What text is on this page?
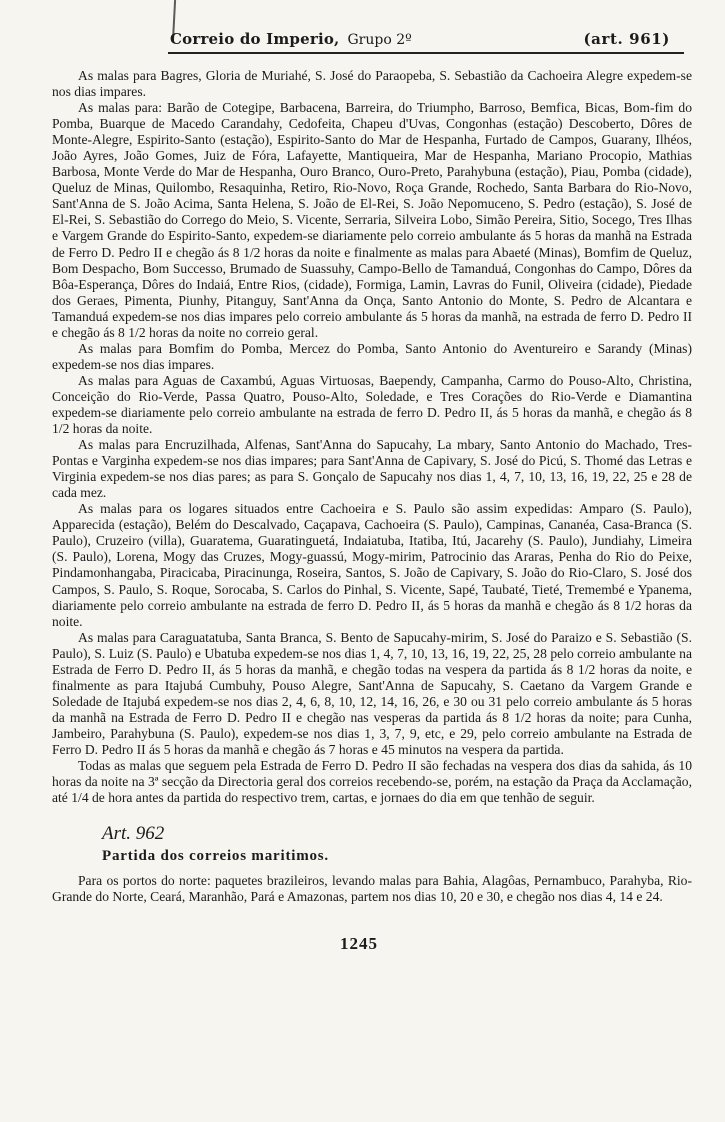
Correio do Imperio, Grupo 2º	(art. 961)

As malas para Bagres, Gloria de Muriahé, S. José do Paraopeba, S. Sebastião da Cachoeira Alegre expedem-se nos dias impares.

As malas para: Barão de Cotegipe, Barbacena, Barreira, do Triumpho, Barroso, Bemfica, Bicas, Bom-fim do Pomba, Buarque de Macedo Carandahy, Cedofeita, Chapeu d'Uvas, Congonhas (estação) Descoberto, Dôres de Monte-Alegre, Espirito-Santo (estação), Espirito-Santo do Mar de Hespanha, Furtado de Campos, Guarany, Ilhéos, João Ayres, João Gomes, Juiz de Fóra, Lafayette, Mantiqueira, Mar de Hespanha, Mariano Procopio, Mathias Barbosa, Monte Verde do Mar de Hespanha, Ouro Branco, Ouro-Preto, Parahybuna (estação), Piau, Pomba (cidade), Queluz de Minas, Quilombo, Resaquinha, Retiro, Rio-Novo, Roça Grande, Rochedo, Santa Barbara do Rio-Novo, Sant'Anna de S. João Acima, Santa Helena, S. João de El-Rei, S. João Nepomuceno, S. Pedro (estação), S. José de El-Rei, S. Sebastião do Corrego do Meio, S. Vicente, Serraria, Silveira Lobo, Simão Pereira, Sitio, Socego, Tres Ilhas e Vargem Grande do Espirito-Santo, expedem-se diariamente pelo correio ambulante ás 5 horas da manhã na Estrada de Ferro D. Pedro II e chegão ás 8 1/2 horas da noite e finalmente as malas para Abaeté (Minas), Bomfim de Queluz, Bom Despacho, Bom Successo, Brumado de Suassuhy, Campo-Bello de Tamanduá, Congonhas do Campo, Dôres da Bôa-Esperança, Dôres do Indaiá, Entre Rios, (cidade), Formiga, Lamin, Lavras do Funil, Oliveira (cidade), Piedade dos Geraes, Pimenta, Piunhy, Pitanguy, Sant'Anna da Onça, Santo Antonio do Monte, S. Pedro de Alcantara e Tamanduá expedem-se nos dias impares pelo correio ambulante ás 5 horas da manhã, na estrada de ferro D. Pedro II e chegão ás 8 1/2 horas da noite no correio geral.

As malas para Bomfim do Pomba, Mercez do Pomba, Santo Antonio do Aventureiro e Sarandy (Minas) expedem-se nos dias impares.

As malas para Aguas de Caxambú, Aguas Virtuosas, Baependy, Campanha, Carmo do Pouso-Alto, Christina, Conceição do Rio-Verde, Passa Quatro, Pouso-Alto, Soledade, e Tres Corações do Rio-Verde e Diamantina expedem-se diariamente pelo correio ambulante na estrada de ferro D. Pedro II, ás 5 horas da manhã, e chegão ás 8 1/2 horas da noite.

As malas para Encruzilhada, Alfenas, Sant'Anna do Sapucahy, La mbary, Santo Antonio do Machado, Tres-Pontas e Varginha expedem-se nos dias impares; para Sant'Anna de Capivary, S. José do Picú, S. Thomé das Letras e Virginia expedem-se nos dias pares; as para S. Gonçalo de Sapucahy nos dias 1, 4, 7, 10, 13, 16, 19, 22, 25 e 28 de cada mez.

As malas para os logares situados entre Cachoeira e S. Paulo são assim expedidas: Amparo (S. Paulo), Apparecida (estação), Belém do Descalvado, Caçapava, Cachoeira (S. Paulo), Campinas, Cananéa, Casa-Branca (S. Paulo), Cruzeiro (villa), Guaratema, Guaratinguetá, Indaiatuba, Itatiba, Itú, Jacarehy (S. Paulo), Jundiahy, Limeira (S. Paulo), Lorena, Mogy das Cruzes, Mogy-guassú, Mogy-mirim, Patrocinio das Araras, Penha do Rio do Peixe, Pindamonhangaba, Piracicaba, Piracinunga, Roseira, Santos, S. João de Capivary, S. João do Rio-Claro, S. José dos Campos, S. Paulo, S. Roque, Sorocaba, S. Carlos do Pinhal, S. Vicente, Sapé, Taubaté, Tieté, Tremembé e Ypanema, diariamente pelo correio ambulante na estrada de ferro D. Pedro II, ás 5 horas da manhã e chegão ás 8 1/2 horas da noite.

As malas para Caraguatatuba, Santa Branca, S. Bento de Sapucahy-mirim, S. José do Paraizo e S. Sebastião (S. Paulo), S. Luiz (S. Paulo) e Ubatuba expedem-se nos dias 1, 4, 7, 10, 13, 16, 19, 22, 25, 28 pelo correio ambulante na Estrada de Ferro D. Pedro II, ás 5 horas da manhã, e chegão todas na vespera da partida ás 8 1/2 horas da noite, e finalmente as para Itajubá Cumbuhy, Pouso Alegre, Sant'Anna de Sapucahy, S. Caetano da Vargem Grande e Soledade de Itajubá expedem-se nos dias 2, 4, 6, 8, 10, 12, 14, 16, 26, e 30 ou 31 pelo correio ambulante ás 5 horas da manhã na Estrada de Ferro D. Pedro II e chegão nas vesperas da partida ás 8 1/2 horas da noite; para Cunha, Jambeiro, Parahybuna (S. Paulo), expedem-se nos dias 1, 3, 7, 9, etc, e 29, pelo correio ambulante na Estrada de Ferro D. Pedro II ás 5 horas da manhã e chegão ás 7 horas e 45 minutos na vespera da partida.

Todas as malas que seguem pela Estrada de Ferro D. Pedro II são fechadas na vespera dos dias da sahida, ás 10 horas da noite na 3ª secção da Directoria geral dos correios recebendo-se, porém, na estação da Praça da Acclamação, até 1/4 de hora antes da partida do respectivo trem, cartas, e jornaes do dia em que tenhão de seguir.

Art. 962
Partida dos correios maritimos.

Para os portos do norte: paquetes brazileiros, levando malas para Bahia, Alagôas, Pernambuco, Parahyba, Rio-Grande do Norte, Ceará, Maranhão, Pará e Amazonas, partem nos dias 10, 20 e 30, e chegão nos dias 4, 14 e 24.

1245
